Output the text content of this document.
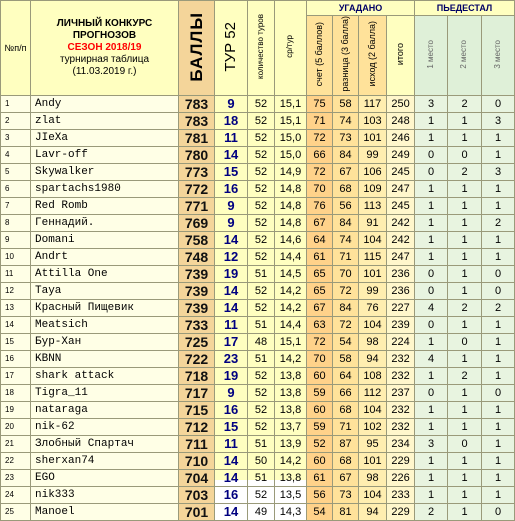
№п/п	ЛИЧНЫЙ КОНКУРС
ПРОГНОЗОВ
СЕЗОН 2018/19
турнирная таблица
(11.03.2019 г.)	БАЛЛЫ	ТУР 52	количество туров	ср/тур	УГАДАНО				ПЬЕДЕСТАЛ		
						счет (5 баллов)	разница (3 балла)	исход (2 балла)	итого	1 место	2 место	3 место
1	Andy	783	9	52	15,1	75	58	117	250	3	2	0
2	zlat	783	18	52	15,1	71	74	103	248	1	1	3
3	JIeXa	781	11	52	15,0	72	73	101	246	1	1	1
4	Lavr-off	780	14	52	15,0	66	84	99	249	0	0	1
5	Skywalker	773	15	52	14,9	72	67	106	245	0	2	3
6	spartachs1980	772	16	52	14,8	70	68	109	247	1	1	1
7	Red Romb	771	9	52	14,8	76	56	113	245	1	1	1
8	Геннадий.	769	9	52	14,8	67	84	91	242	1	1	2
9	Domani	758	14	52	14,6	64	74	104	242	1	1	1
10	Andrt	748	12	52	14,4	61	71	115	247	1	1	1
11	Attilla One	739	19	51	14,5	65	70	101	236	0	1	0
12	Taya	739	14	52	14,2	65	72	99	236	0	1	0
13	Красный Пищевик	739	14	52	14,2	67	84	76	227	4	2	2
14	Meatsich	733	11	51	14,4	63	72	104	239	0	1	1
15	Бур-Хан	725	17	48	15,1	72	54	98	224	1	0	1
16	KBNN	722	23	51	14,2	70	58	94	232	4	1	1
17	shark attack	718	19	52	13,8	60	64	108	232	1	2	1
18	Tigra_11	717	9	52	13,8	59	66	112	237	0	1	0
19	nataraga	715	16	52	13,8	60	68	104	232	1	1	1
20	nik-62	712	15	52	13,7	59	71	102	232	1	1	1
21	Злобный Спартач	711	11	51	13,9	52	87	95	234	3	0	1
22	sherxan74	710	14	50	14,2	60	68	101	229	1	1	1
23	EGO	704	14	51	13,8	61	67	98	226	1	1	1
24	nik333	703	16	52	13,5	56	73	104	233	1	1	1
25	Manoel	701	14	49	14,3	54	81	94	229	2	1	0
